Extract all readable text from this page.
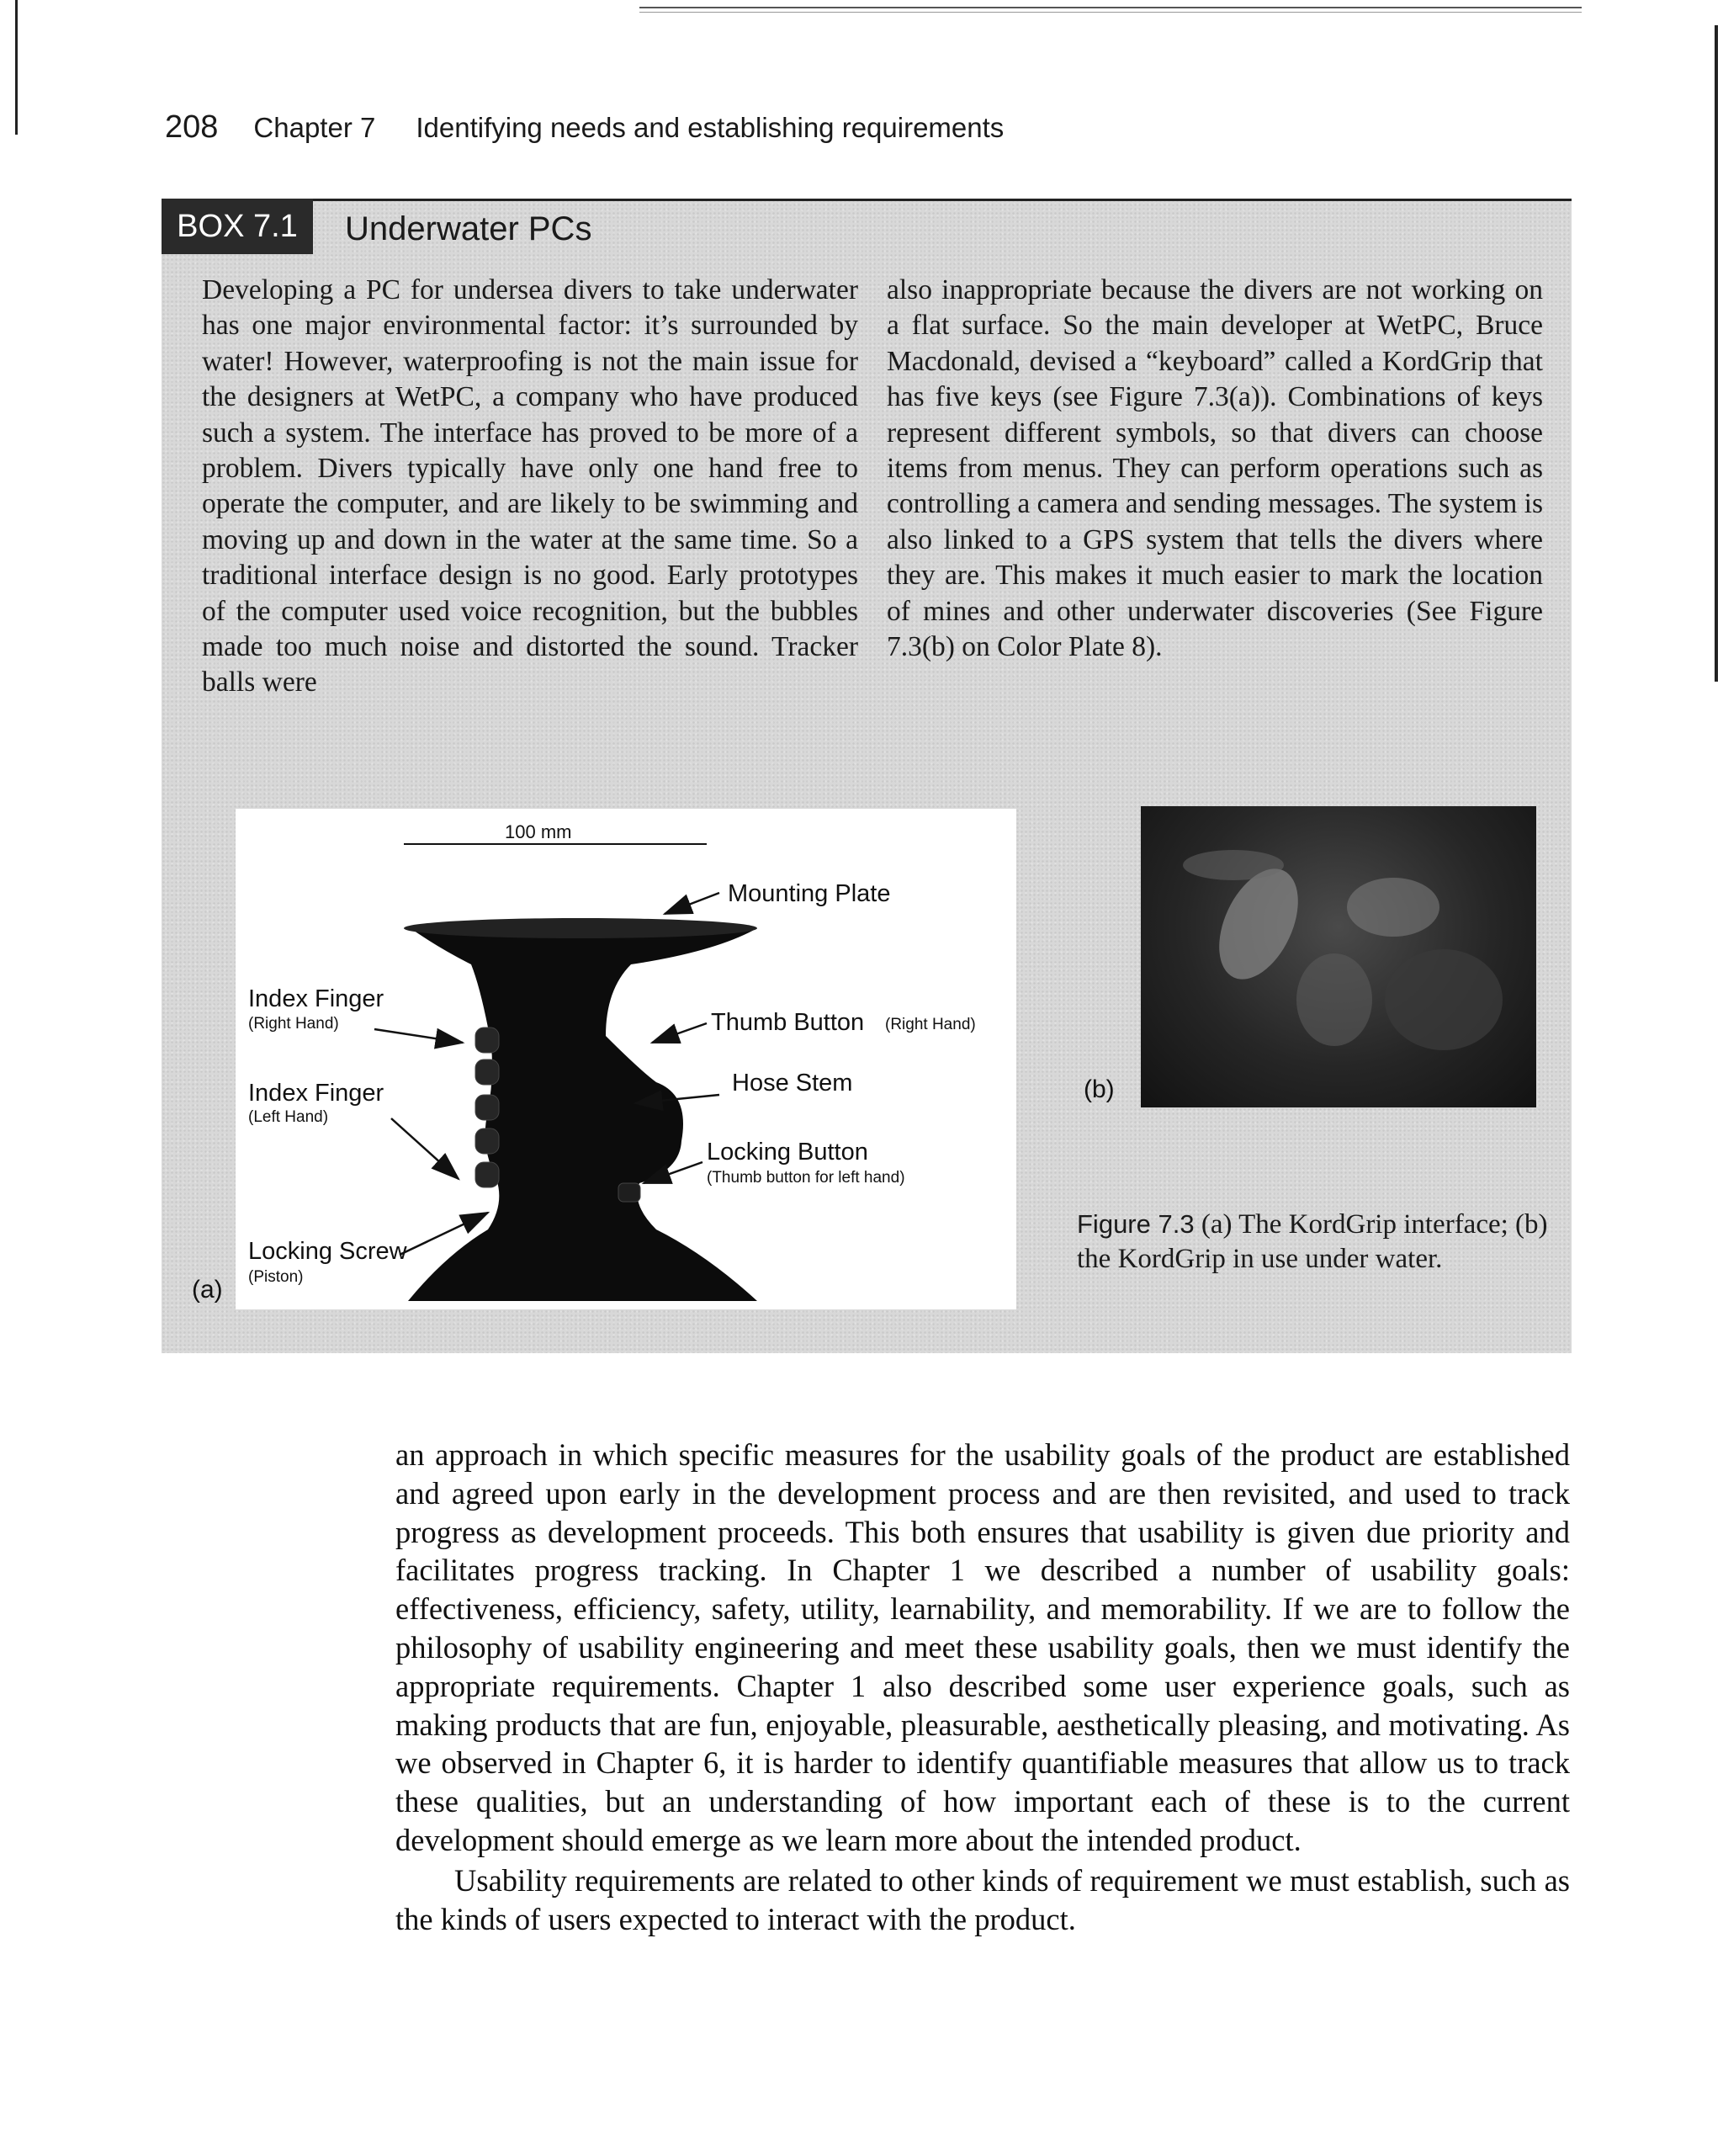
208 Chapter 7 Identifying needs and establishing requirements
BOX 7.1	Underwater PCs
Developing a PC for undersea divers to take underwater has one major environmental factor: it’s surrounded by water! However, waterproofing is not the main issue for the designers at WetPC, a company who have produced such a system. The interface has proved to be more of a problem. Divers typically have only one hand free to operate the computer, and are likely to be swimming and moving up and down in the water at the same time. So a traditional interface design is no good. Early prototypes of the computer used voice recognition, but the bubbles made too much noise and distorted the sound. Tracker balls were
also inappropriate because the divers are not working on a flat surface. So the main developer at WetPC, Bruce Macdonald, devised a “keyboard” called a KordGrip that has five keys (see Figure 7.3(a)). Combinations of keys represent different symbols, so that divers can choose items from menus. They can perform operations such as controlling a camera and sending messages. The system is also linked to a GPS system that tells the divers where they are. This makes it much easier to mark the location of mines and other underwater discoveries (See Figure 7.3(b) on Color Plate 8).
100 mm
Mounting Plate
Index Finger
(Right Hand)	Thumb Button (Right Hand)
Hose Stem
Index Finger
(Left Hand)
Locking Button
(Thumb button for left hand)
Locking Screw
(Piston)
(a)
(b)
Figure 7.3 (a) The KordGrip interface; (b) the KordGrip in use under water.

an approach in which specific measures for the usability goals of the product are established and agreed upon early in the development process and are then revisited, and used to track progress as development proceeds. This both ensures that usability is given due priority and facilitates progress tracking. In Chapter 1 we described a number of usability goals: effectiveness, efficiency, safety, utility, learnability, and memorability. If we are to follow the philosophy of usability engineering and meet these usability goals, then we must identify the appropriate requirements. Chapter 1 also described some user experience goals, such as making products that are fun, enjoyable, pleasurable, aesthetically pleasing, and motivating. As we observed in Chapter 6, it is harder to identify quantifiable measures that allow us to track these qualities, but an understanding of how important each of these is to the current development should emerge as we learn more about the intended product.

Usability requirements are related to other kinds of requirement we must establish, such as the kinds of users expected to interact with the product.
